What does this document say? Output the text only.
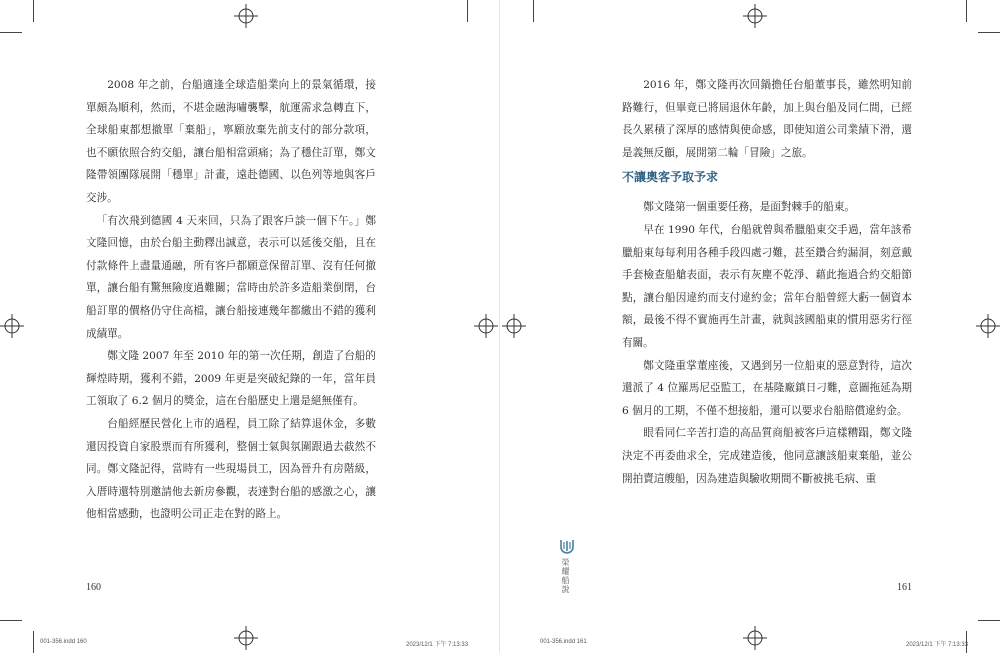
2008 年之前，台船適逢全球造船業向上的景氣循環，接單頗為順利，然而，不堪金融海嘯襲擊，航運需求急轉直下，全球船東都想撤單「棄船」，寧願放棄先前支付的部分款項，也不願依照合約交船，讓台船相當頭痛；為了穩住訂單，鄭文隆帶領團隊展開「穩單」計畫，遠赴德國、以色列等地與客戶交涉。

「有次飛到德國 4 天來回，只為了跟客戶談一個下午。」鄭文隆回憶，由於台船主動釋出誠意，表示可以延後交船，且在付款條件上盡量通融，所有客戶都願意保留訂單、沒有任何撤單，讓台船有驚無險度過難關；當時由於許多造船業倒閉，台船訂單的價格仍守住高檔，讓台船接連幾年都繳出不錯的獲利成績單。

鄭文隆 2007 年至 2010 年的第一次任期，創造了台船的輝煌時期，獲利不錯，2009 年更是突破紀錄的一年，當年員工領取了 6.2 個月的獎金，這在台船歷史上還是絕無僅有。

台船經歷民營化上市的過程，員工除了結算退休金，多數還因投資自家股票而有所獲利，整個士氣與氛圍跟過去截然不同。鄭文隆記得，當時有一些現場員工，因為晉升有房階級，入厝時還特別邀請他去新房參觀，表達對台船的感激之心，讓他相當感動，也證明公司正走在對的路上。

2016 年，鄭文隆再次回鍋擔任台船董事長，雖然明知前路難行，但畢竟已將屆退休年齡，加上與台船及同仁間，已經長久累積了深厚的感情與使命感，即使知道公司業績下滑，還是義無反顧，展開第二輪「冒險」之旅。

不讓奧客予取予求

鄭文隆第一個重要任務，是面對棘手的船東。

早在 1990 年代，台船就曾與希臘船東交手過，當年該希臘船東每每利用各種手段四處刁難，甚至鑽合約漏洞，刻意戴手套檢查船艙表面，表示有灰塵不乾淨、藉此拖過合約交船節點，讓台船因違約而支付違約金；當年台船曾經大虧一個資本額，最後不得不實施再生計畫，就與該國船東的慣用惡劣行徑有關。

鄭文隆重掌董座後，又遇到另一位船東的惡意對待，這次還派了 4 位羅馬尼亞監工，在基隆廠鎮日刁難，意圖拖延為期 6 個月的工期，不僅不想接船，還可以要求台船賠償違約金。

眼看同仁辛苦打造的高品質商船被客戶這樣糟蹋，鄭文隆決定不再委曲求全，完成建造後，他同意讓該船東棄船，並公開拍賣這艘船，因為建造與驗收期間不斷被挑毛病、重

160	161
榮耀船說
001-356.indd 160	2023/12/1 下午 7:13:33	001-356.indd 161	2023/12/1 下午 7:13:33
